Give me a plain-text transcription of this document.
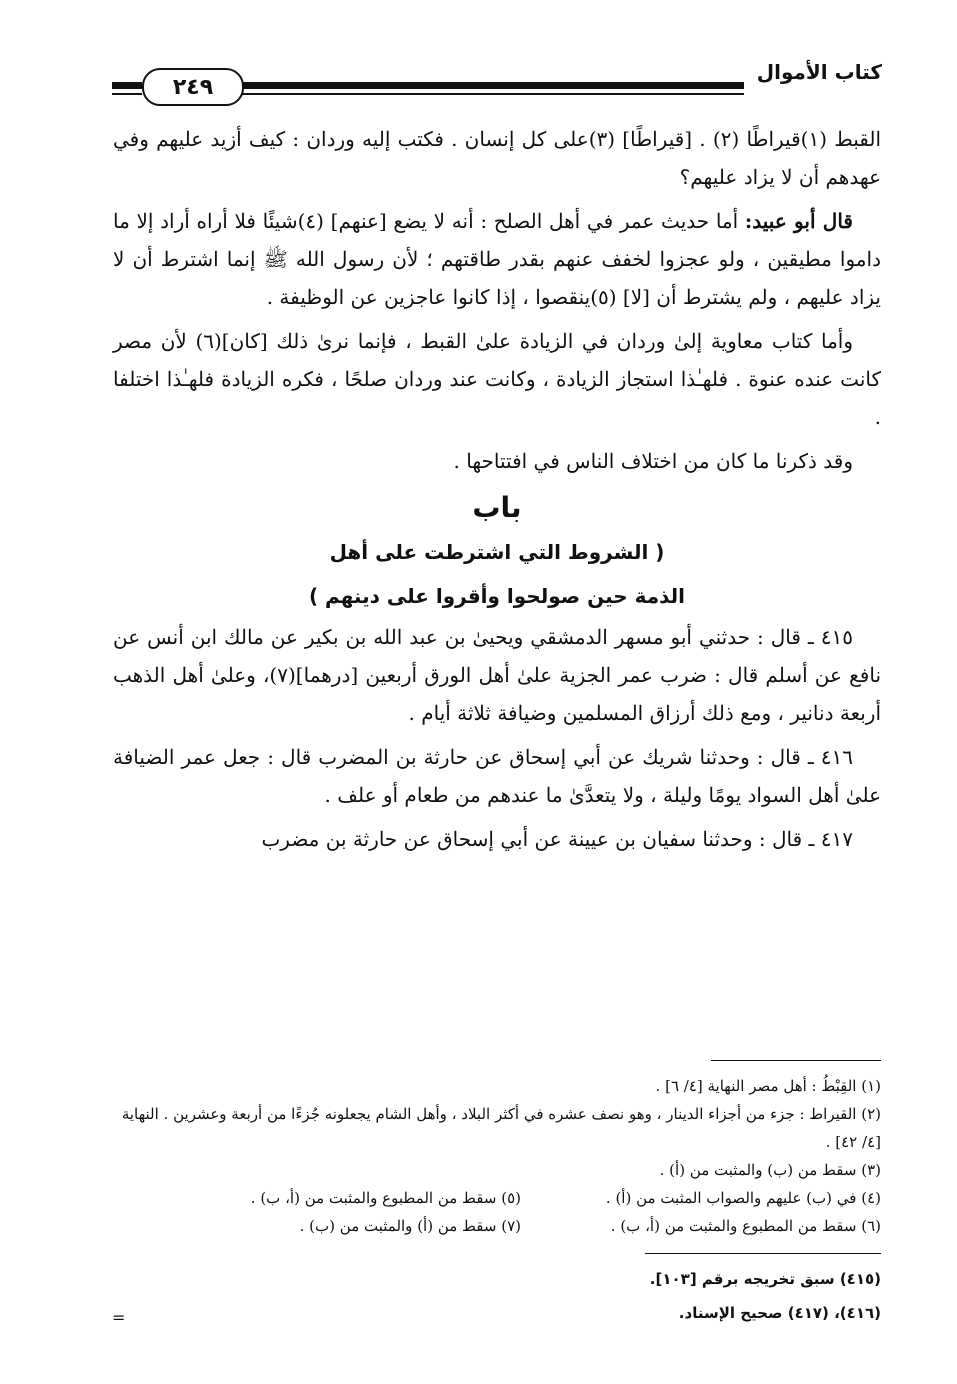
كتاب الأموال
٢٤٩

القبط (١)قيراطًا (٢) . [قيراطًا] (٣)على كل إنسان . فكتب إليه وردان : كيف أزيد عليهم وفي عهدهم أن لا يزاد عليهم؟

قال أبو عبيد: أما حديث عمر في أهل الصلح : أنه لا يضع [عنهم] (٤)شيئًا فلا أراه أراد إلا ما داموا مطيقين ، ولو عجزوا لخفف عنهم بقدر طاقتهم ؛ لأن رسول الله ﷺ إنما اشترط أن لا يزاد عليهم ، ولم يشترط أن [لا] (٥)ينقصوا ، إذا كانوا عاجزين عن الوظيفة .

وأما كتاب معاوية إلىٰ وردان في الزيادة علىٰ القبط ، فإنما نرىٰ ذلك [كان](٦) لأن مصر كانت عنده عنوة . فلهـٰذا استجاز الزيادة ، وكانت عند وردان صلحًا ، فكره الزيادة فلهـٰذا اختلفا .

وقد ذكرنا ما كان من اختلاف الناس في افتتاحها .

باب
( الشروط التي اشترطت على أهل
الذمة حين صولحوا وأقروا على دينهم )

٤١٥ ـ قال : حدثني أبو مسهر الدمشقي ويحيىٰ بن عبد الله بن بكير عن مالك ابن أنس عن نافع عن أسلم قال : ضرب عمر الجزية علىٰ أهل الورق أربعين [درهما](٧)، وعلىٰ أهل الذهب أربعة دنانير ، ومع ذلك أرزاق المسلمين وضيافة ثلاثة أيام .

٤١٦ ـ قال : وحدثنا شريك عن أبي إسحاق عن حارثة بن المضرب قال : جعل عمر الضيافة علىٰ أهل السواد يومًا وليلة ، ولا يتعدَّىٰ ما عندهم من طعام أو علف .

٤١٧ ـ قال : وحدثنا سفيان بن عيينة عن أبي إسحاق عن حارثة بن مضرب

(١) القِبْطُ : أهل مصر النهاية [٤/ ٦] .

(٢) القيراط : جزء من أجزاء الدينار ، وهو نصف عشره في أكثر البلاد ، وأهل الشام يجعلونه جُزءًا من أربعة وعشرين . النهاية [٤/ ٤٢] .

(٣) سقط من (ب) والمثبت من (أ) .
(٤) في (ب) عليهم والصواب المثبت من (أ) .
(٥) سقط من المطبوع والمثبت من (أ، ب) .
(٦) سقط من المطبوع والمثبت من (أ، ب) .
(٧) سقط من (أ) والمثبت من (ب) .
(٤١٥) سبق تخريجه برقم [١٠٣].
(٤١٦)، (٤١٧) صحيح الإسناد.
=
